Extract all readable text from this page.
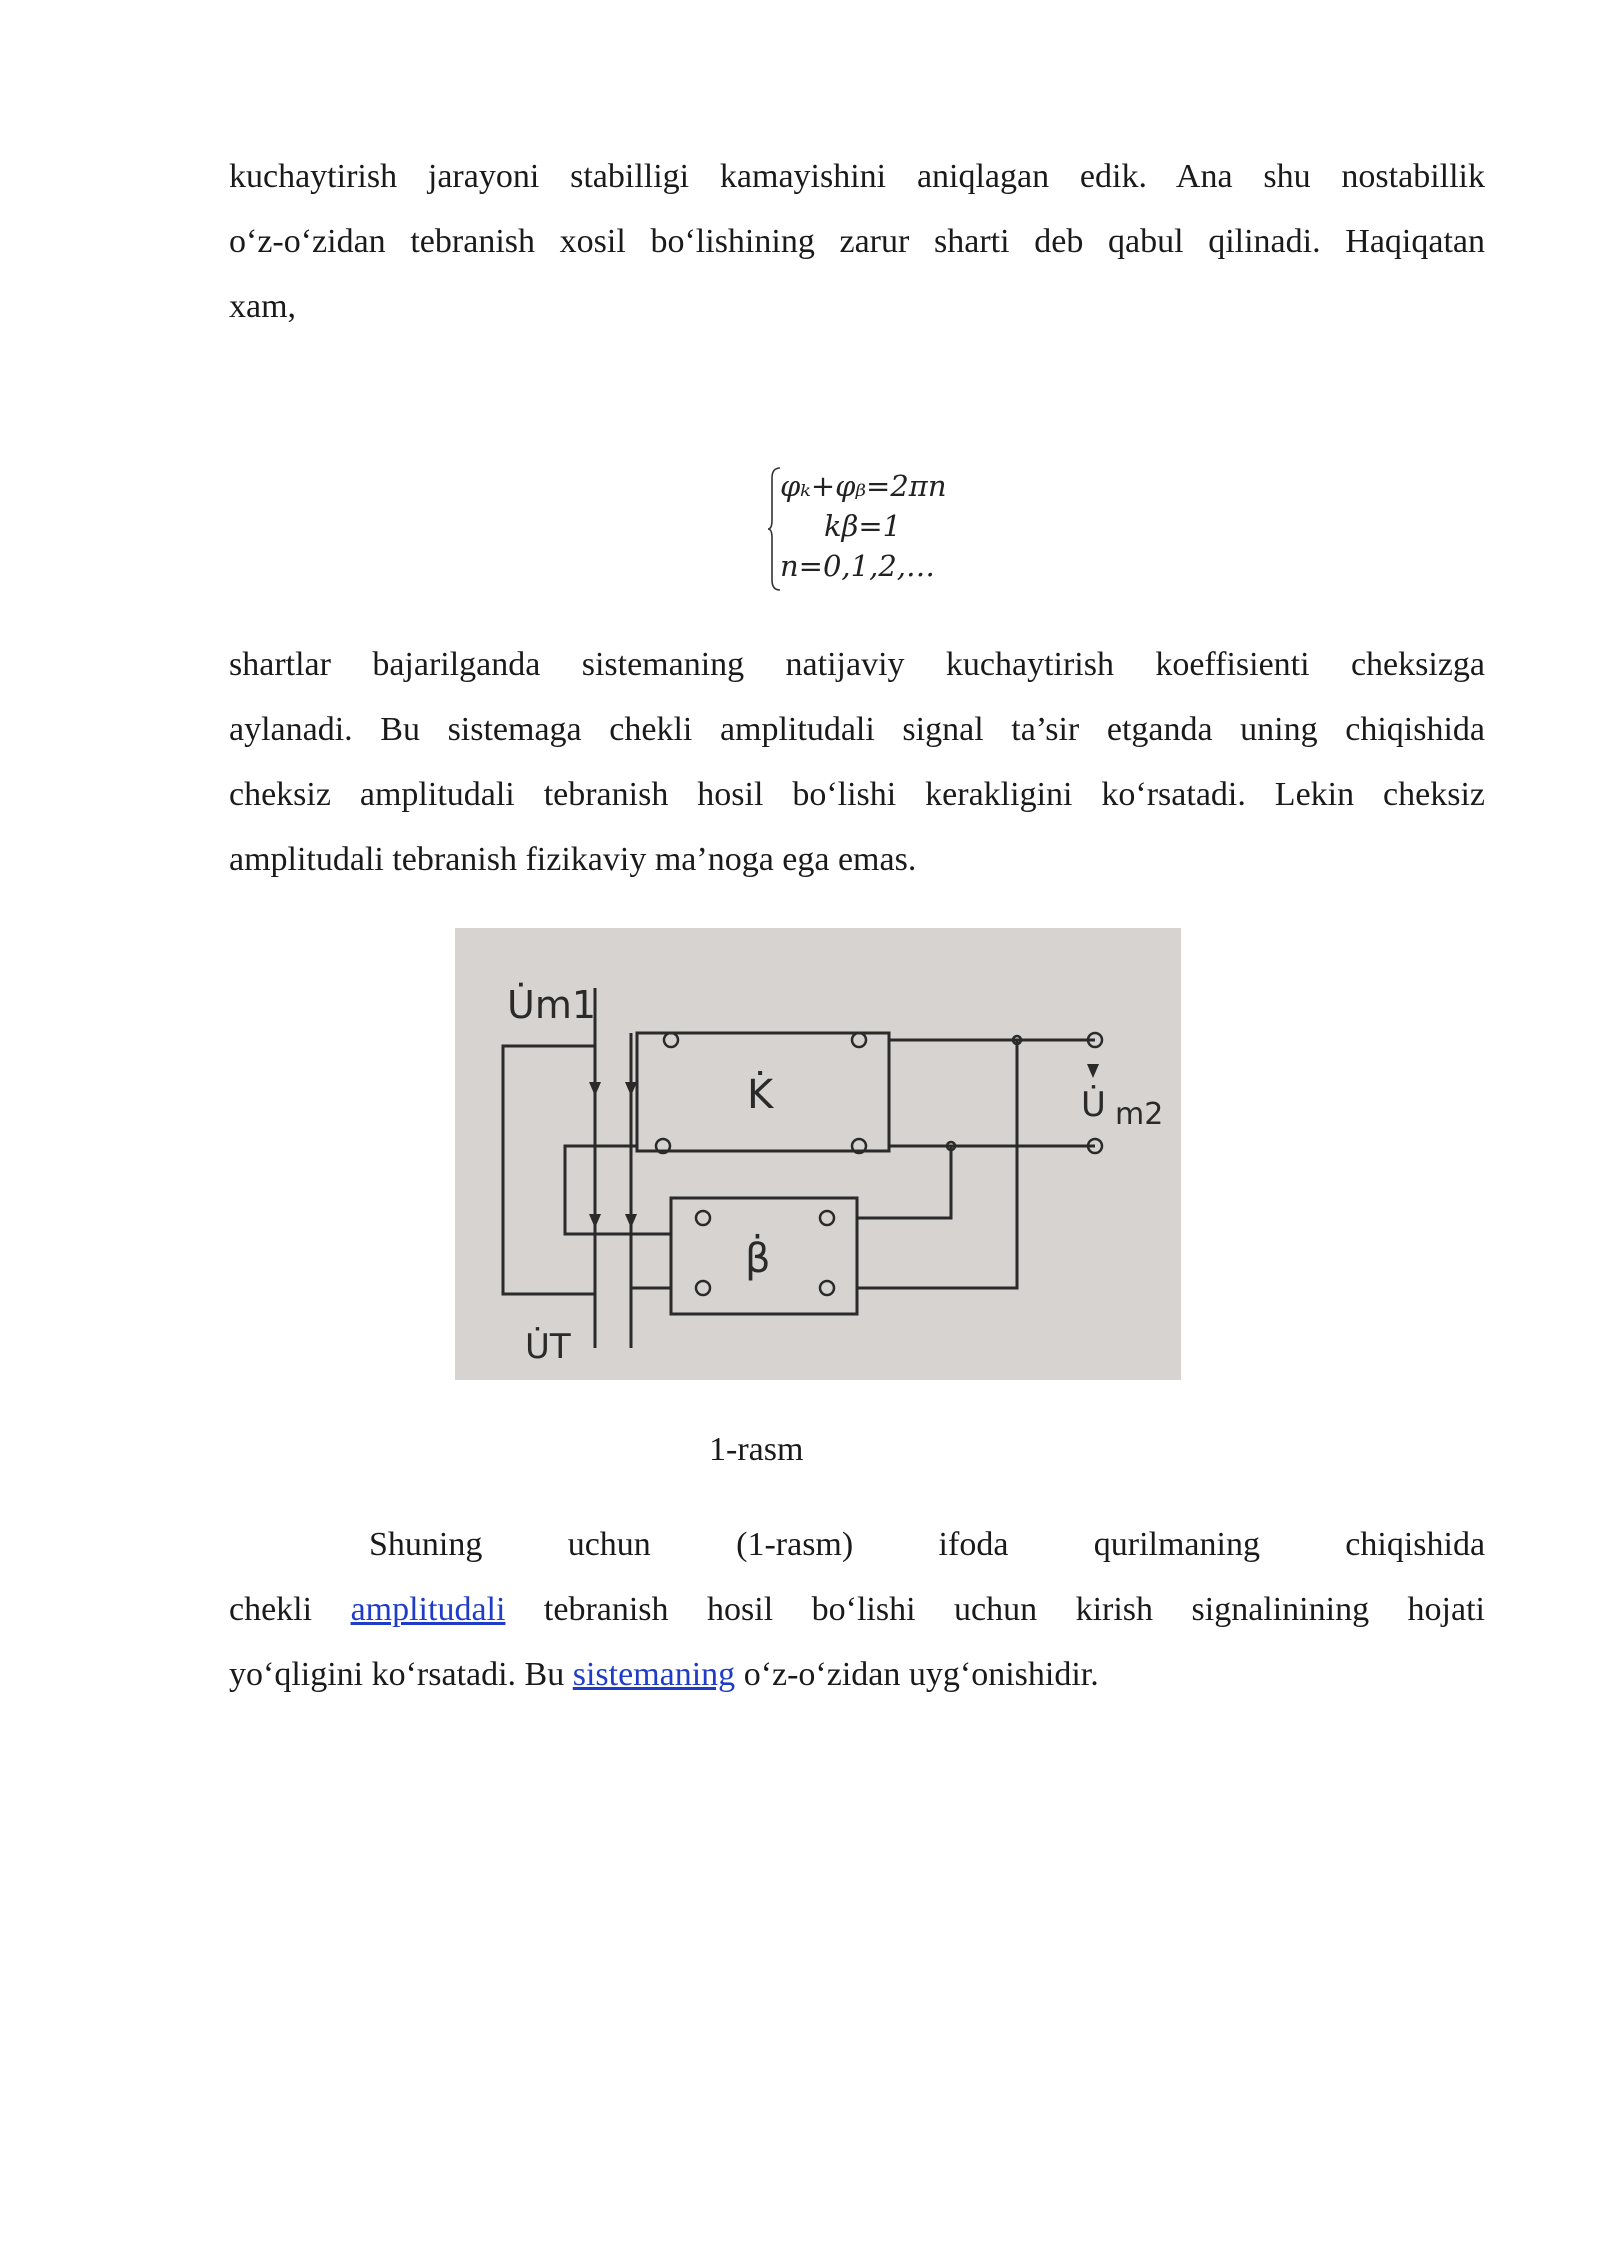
kuchaytirish jarayoni stabilligi kamayishini aniqlagan edik. Ana shu nostabillik
o‘z-o‘zidan tebranish xosil bo‘lishining zarur sharti deb qabul qilinadi. Haqiqatan
xam,

φₖ+φᵦ=2πn
kβ=1
n=0,1,2,…

shartlar bajarilganda sistemaning natijaviy kuchaytirish koeffisienti cheksizga
aylanadi. Bu sistemaga chekli amplitudali signal ta’sir etganda uning chiqishida
cheksiz amplitudali tebranish hosil bo‘lishi kerakligini ko‘rsatadi. Lekin cheksiz
amplitudali tebranish fizikaviy ma’noga ega emas.

U̇m1
K̇
β̇
U̇ m2
U̇T
1-rasm

Shuning	uchun	(1-rasm)	ifoda	qurilmaning	chiqishida
chekli amplitudali tebranish hosil bo‘lishi uchun kirish signalinining hojati
yo‘qligini ko‘rsatadi. Bu sistemaning o‘z-o‘zidan uyg‘onishidir.
